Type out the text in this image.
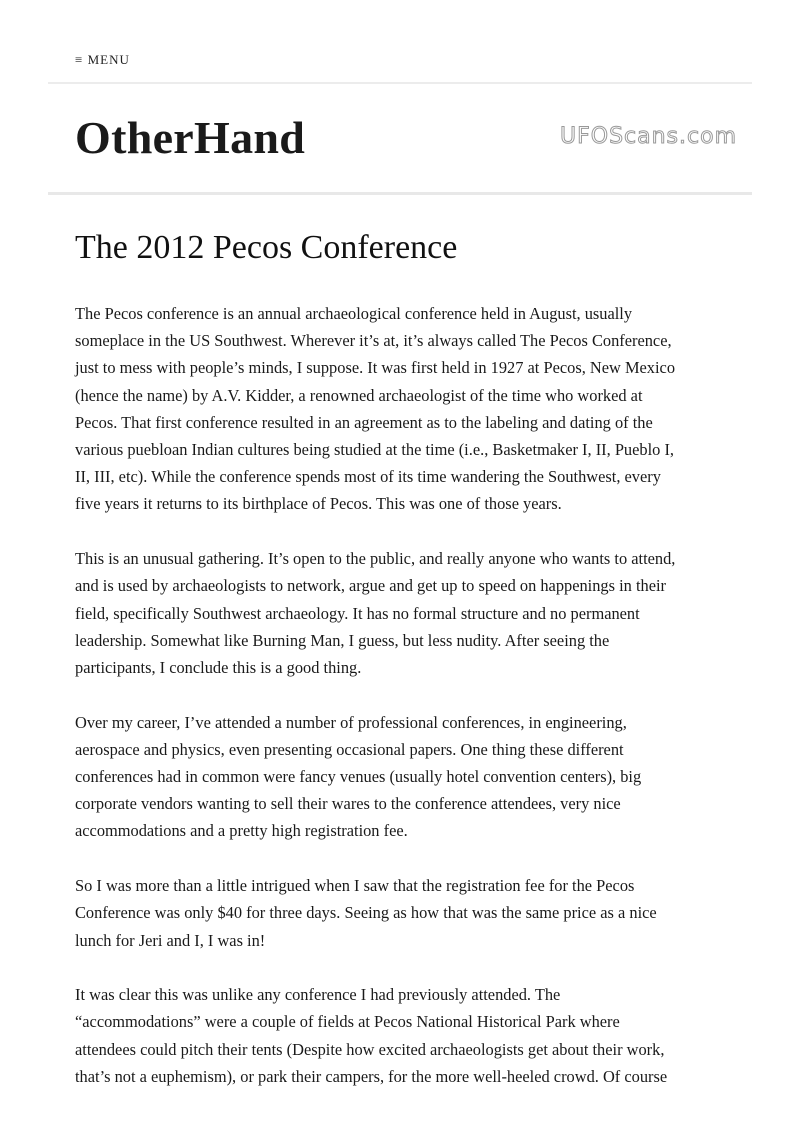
≡ MENU
OtherHand
The 2012 Pecos Conference

The Pecos conference is an annual archaeological conference held in August, usually
someplace in the US Southwest. Wherever it’s at, it’s always called The Pecos Conference,
just to mess with people’s minds, I suppose. It was first held in 1927 at Pecos, New Mexico
(hence the name) by A.V. Kidder, a renowned archaeologist of the time who worked at
Pecos. That first conference resulted in an agreement as to the labeling and dating of the
various puebloan Indian cultures being studied at the time (i.e., Basketmaker I, II, Pueblo I,
II, III, etc). While the conference spends most of its time wandering the Southwest, every
five years it returns to its birthplace of Pecos. This was one of those years.

This is an unusual gathering. It’s open to the public, and really anyone who wants to attend,
and is used by archaeologists to network, argue and get up to speed on happenings in their
field, specifically Southwest archaeology. It has no formal structure and no permanent
leadership. Somewhat like Burning Man, I guess, but less nudity. After seeing the
participants, I conclude this is a good thing.

Over my career, I’ve attended a number of professional conferences, in engineering,
aerospace and physics, even presenting occasional papers. One thing these different
conferences had in common were fancy venues (usually hotel convention centers), big
corporate vendors wanting to sell their wares to the conference attendees, very nice
accommodations and a pretty high registration fee.

So I was more than a little intrigued when I saw that the registration fee for the Pecos
Conference was only $40 for three days. Seeing as how that was the same price as a nice
lunch for Jeri and I, I was in!

It was clear this was unlike any conference I had previously attended. The
“accommodations” were a couple of fields at Pecos National Historical Park where
attendees could pitch their tents (Despite how excited archaeologists get about their work,
that’s not a euphemism), or park their campers, for the more well-heeled crowd. Of course

UFOScans.com
